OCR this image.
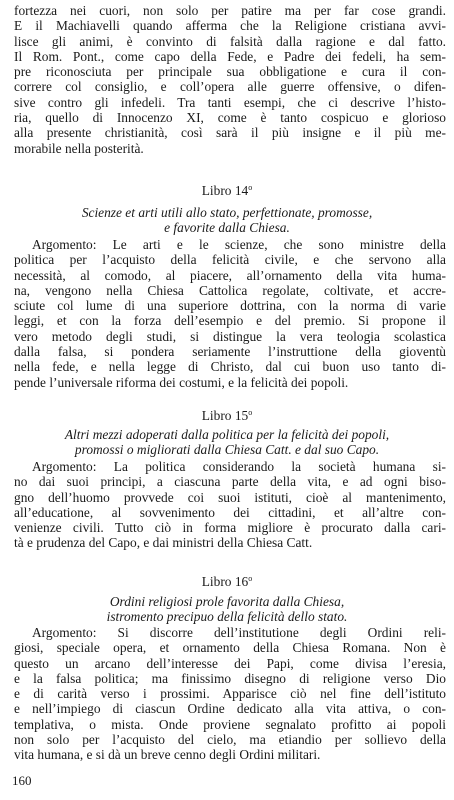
fortezza nei cuori, non solo per patire ma per far cose grandi.
E il Machiavelli quando afferma che la Religione cristiana avvi-
lisce gli animi, è convinto di falsità dalla ragione e dal fatto.
Il Rom. Pont., come capo della Fede, e Padre dei fedeli, ha sem-
pre riconosciuta per principale sua obbligatione e cura il con-
correre col consiglio, e coll’opera alle guerre offensive, o difen-
sive contro gli infedeli. Tra tanti esempi, che ci descrive l’histo-
ria, quello di Innocenzo XI, come è tanto cospicuo e glorioso
alla presente christianità, così sarà il più insigne e il più me-
morabile nella posterità.
Libro 14$^o$
Scienze et arti utili allo stato, perfettionate, promosse,
e favorite dalla Chiesa.
Argomento: Le arti e le scienze, che sono ministre della
politica per l’acquisto della felicità civile, e che servono alla
necessità, al comodo, al piacere, all’ornamento della vita huma-
na, vengono nella Chiesa Cattolica regolate, coltivate, et accre-
sciute col lume di una superiore dottrina, con la norma di varie
leggi, et con la forza dell’esempio e del premio. Si propone il
vero metodo degli studi, si distingue la vera teologia scolastica
dalla falsa, si pondera seriamente l’instruttione della gioventù
nella fede, e nella legge di Christo, dal cui buon uso tanto di-
pende l’universale riforma dei costumi, e la felicità dei popoli.
Libro 15$^o$
Altri mezzi adoperati dalla politica per la felicità dei popoli,
promossi o migliorati dalla Chiesa Catt. e dal suo Capo.
Argomento: La politica considerando la società humana si-
no dai suoi principi, a ciascuna parte della vita, e ad ogni biso-
gno dell’huomo provvede coi suoi istituti, cioè al mantenimento,
all’educatione, al sovvenimento dei cittadini, et all’altre con-
venienze civili. Tutto ciò in forma migliore è procurato dalla cari-
tà e prudenza del Capo, e dai ministri della Chiesa Catt.
Libro 16$^o$
Ordini religiosi prole favorita dalla Chiesa,
istromento precipuo della felicità dello stato.
Argomento: Si discorre dell’institutione degli Ordini reli-
giosi, speciale opera, et ornamento della Chiesa Romana. Non è
questo un arcano dell’interesse dei Papi, come divisa l’eresia,
e la falsa politica; ma finissimo disegno di religione verso Dio
e di carità verso i prossimi. Apparisce ciò nel fine dell’istituto
e nell’impiego di ciascun Ordine dedicato alla vita attiva, o con-
templativa, o mista. Onde proviene segnalato profitto ai popoli
non solo per l’acquisto del cielo, ma etiandio per sollievo della
vita humana, e si dà un breve cenno degli Ordini militari.
160
